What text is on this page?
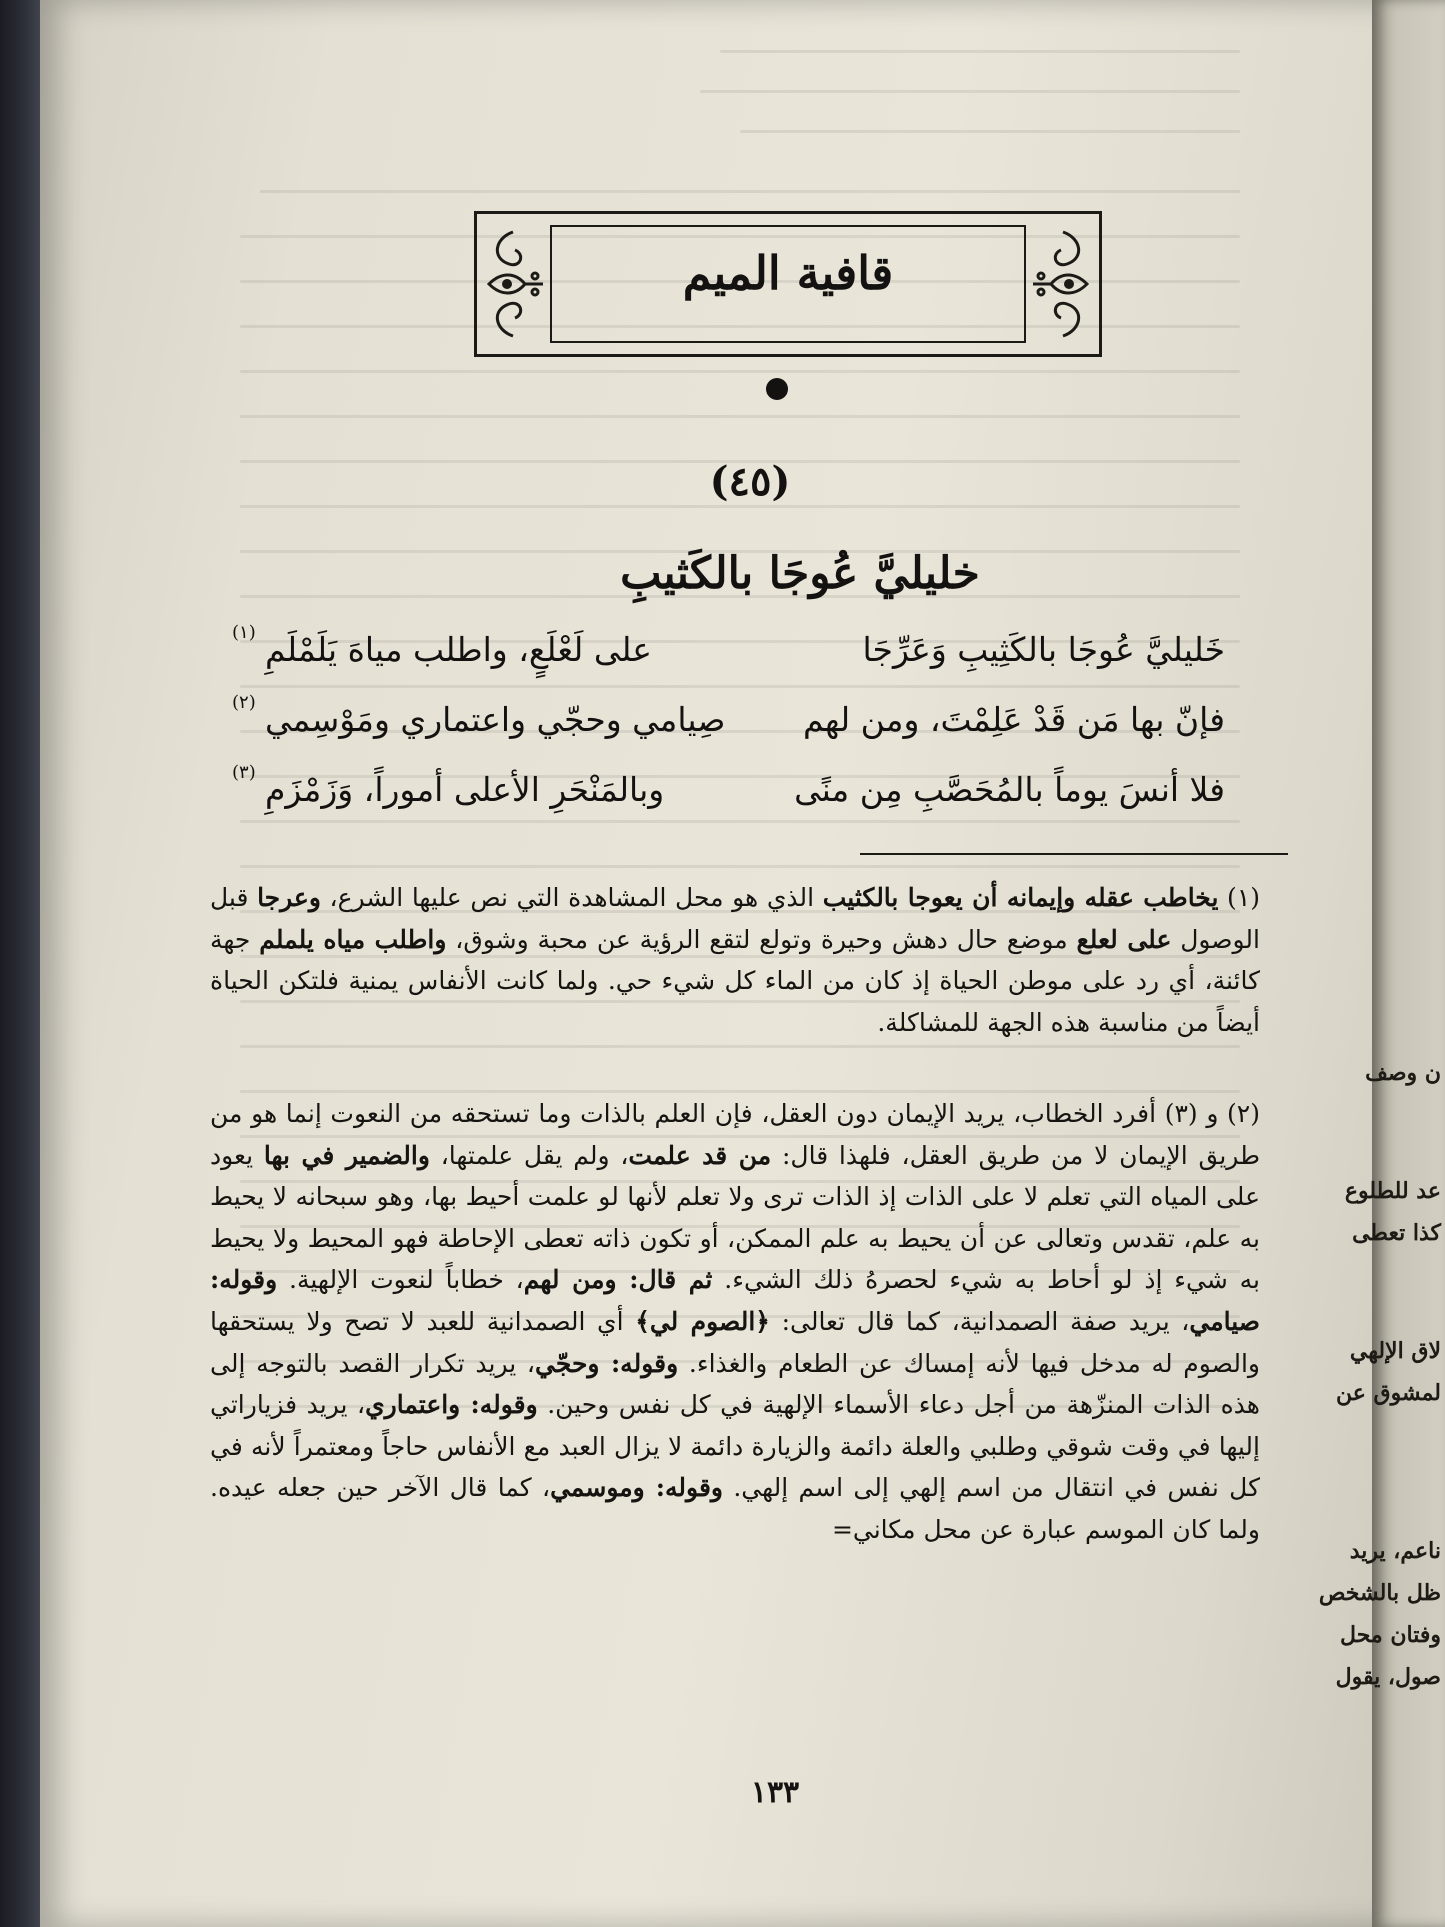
ن وصف
عد للطلوع
كذا تعطى
لاق الإلهي
لمشوق عن
ناعم، يريد
ظل بالشخص
وفتان محل
صول، يقول
قافية الميم
(٤٥)
خليليَّ عُوجَا بالكَثيبِ
خَليليَّ عُوجَا بالكَثِيبِ وَعَرِّجَا
على لَعْلَعٍ، واطلب مياهَ يَلَمْلَمِ
(١)
فإنّ بها مَن قَدْ عَلِمْتَ، ومن لهم
صِيامي وحجّي واعتماري ومَوْسِمي
(٢)
فلا أنسَ يوماً بالمُحَصَّبِ مِن منًى
وبالمَنْحَرِ الأعلى أموراً، وَزَمْزَمِ
(٣)
(١) يخاطب عقله وإيمانه أن يعوجا بالكثيب الذي هو محل المشاهدة التي نص عليها الشرع، وعرجا قبل الوصول على لعلع موضع حال دهش وحيرة وتولع لتقع الرؤية عن محبة وشوق، واطلب مياه يلملم جهة كائنة، أي رد على موطن الحياة إذ كان من الماء كل شيء حي. ولما كانت الأنفاس يمنية فلتكن الحياة أيضاً من مناسبة هذه الجهة للمشاكلة.
(٢) و (٣) أفرد الخطاب، يريد الإيمان دون العقل، فإن العلم بالذات وما تستحقه من النعوت إنما هو من طريق الإيمان لا من طريق العقل، فلهذا قال: من قد علمت، ولم يقل علمتها، والضمير في بها يعود على المياه التي تعلم لا على الذات إذ الذات ترى ولا تعلم لأنها لو علمت أحيط بها، وهو سبحانه لا يحيط به علم، تقدس وتعالى عن أن يحيط به علم الممكن، أو تكون ذاته تعطى الإحاطة فهو المحيط ولا يحيط به شيء إذ لو أحاط به شيء لحصرهُ ذلك الشيء. ثم قال: ومن لهم، خطاباً لنعوت الإلهية. وقوله: صيامي، يريد صفة الصمدانية، كما قال تعالى: ﴿الصوم لي﴾ أي الصمدانية للعبد لا تصح ولا يستحقها والصوم له مدخل فيها لأنه إمساك عن الطعام والغذاء. وقوله: وحجّي، يريد تكرار القصد بالتوجه إلى هذه الذات المنزّهة من أجل دعاء الأسماء الإلهية في كل نفس وحين. وقوله: واعتماري، يريد فزياراتي إليها في وقت شوقي وطلبي والعلة دائمة والزيارة دائمة لا يزال العبد مع الأنفاس حاجاً ومعتمراً لأنه في كل نفس في انتقال من اسم إلهي إلى اسم إلهي. وقوله: وموسمي، كما قال الآخر حين جعله عيده. ولما كان الموسم عبارة عن محل مكاني=
١٣٣
